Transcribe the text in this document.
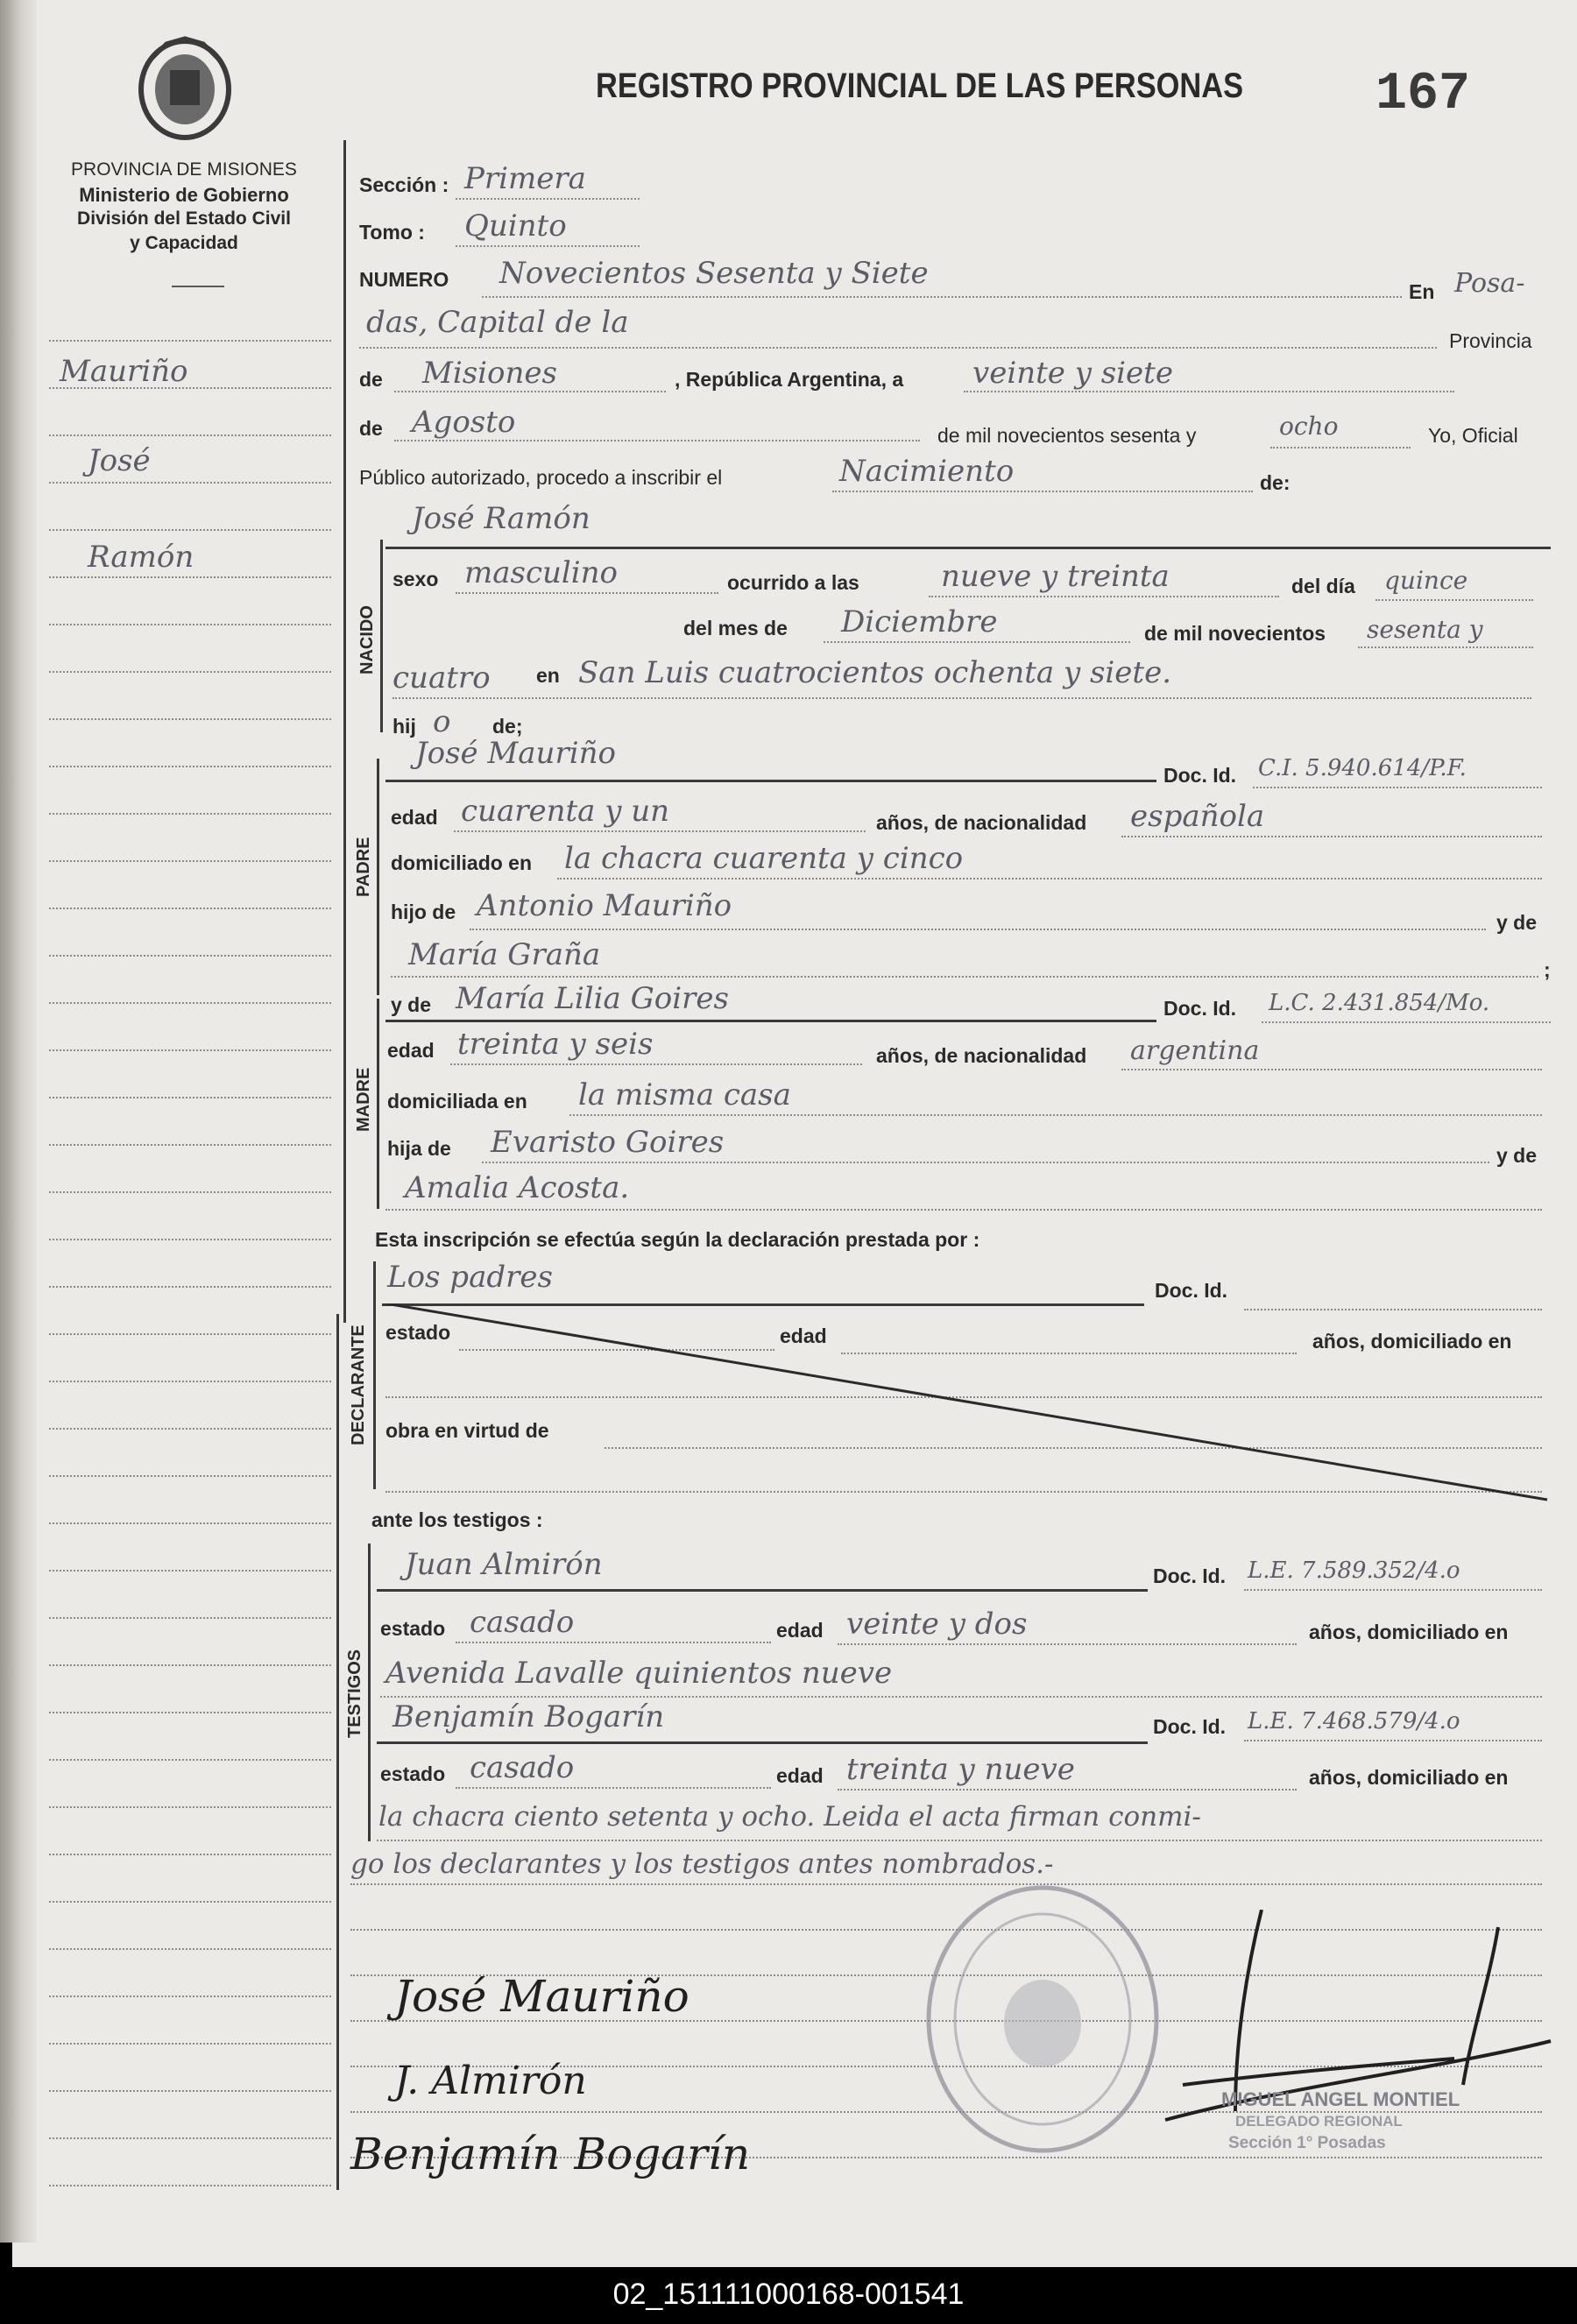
PROVINCIA DE MISIONES
Ministerio de Gobierno
División del Estado Civil
y Capacidad
REGISTRO PROVINCIAL DE LAS PERSONAS	167
Mauriño
José
Ramón
Sección : Primera
Tomo : Quinto
NUMERO Novecientos Sesenta y Siete
En Posa-
das, Capital de la
Provincia
de Misiones	, República Argentina, a veinte y siete
de Agosto	de mil novecientos sesenta y	ocho	Yo, Oficial
Público autorizado, procedo a inscribir el	Nacimiento	de:
NACIDO
José Ramón
sexo masculino	ocurrido a las	nueve y treinta	del día quince
del mes de Diciembre	de mil novecientos sesenta y
cuatro en San Luis cuatrocientos ochenta y siete.
hij o de;
PADRE
José Mauriño
Doc. Id. C.I. 5.940.614/P.F.
edad cuarenta y un	años, de nacionalidad española
domiciliado en la chacra cuarenta y cinco
hijo de Antonio Mauriño	y de
María Graña	;
MADRE
y de María Lilia Goires	Doc. Id. L.C. 2.431.854/Mo.
edad treinta y seis	años, de nacionalidad argentina
domiciliada en la misma casa
hija de Evaristo Goires	y de
Amalia Acosta.
Esta inscripción se efectúa según la declaración prestada por :
DECLARANTE
Los padres	Doc. Id.
estado	edad	años, domiciliado en
obra en virtud de
ante los testigos :
TESTIGOS
Juan Almirón	Doc. Id. L.E. 7.589.352/4.o
estado casado	edad veinte y dos	años, domiciliado en
Avenida Lavalle quinientos nueve
Benjamín Bogarín	Doc. Id. L.E. 7.468.579/4.o
estado casado	edad treinta y nueve	años, domiciliado en
la chacra ciento setenta y ocho. Leida el acta firman conmi-
go los declarantes y los testigos antes nombrados.-
José Mauriño
J. Almirón
Benjamín Bogarín
MIGUEL ANGEL MONTIEL
DELEGADO REGIONAL
Sección 1° Posadas
02_151111000168-001541
